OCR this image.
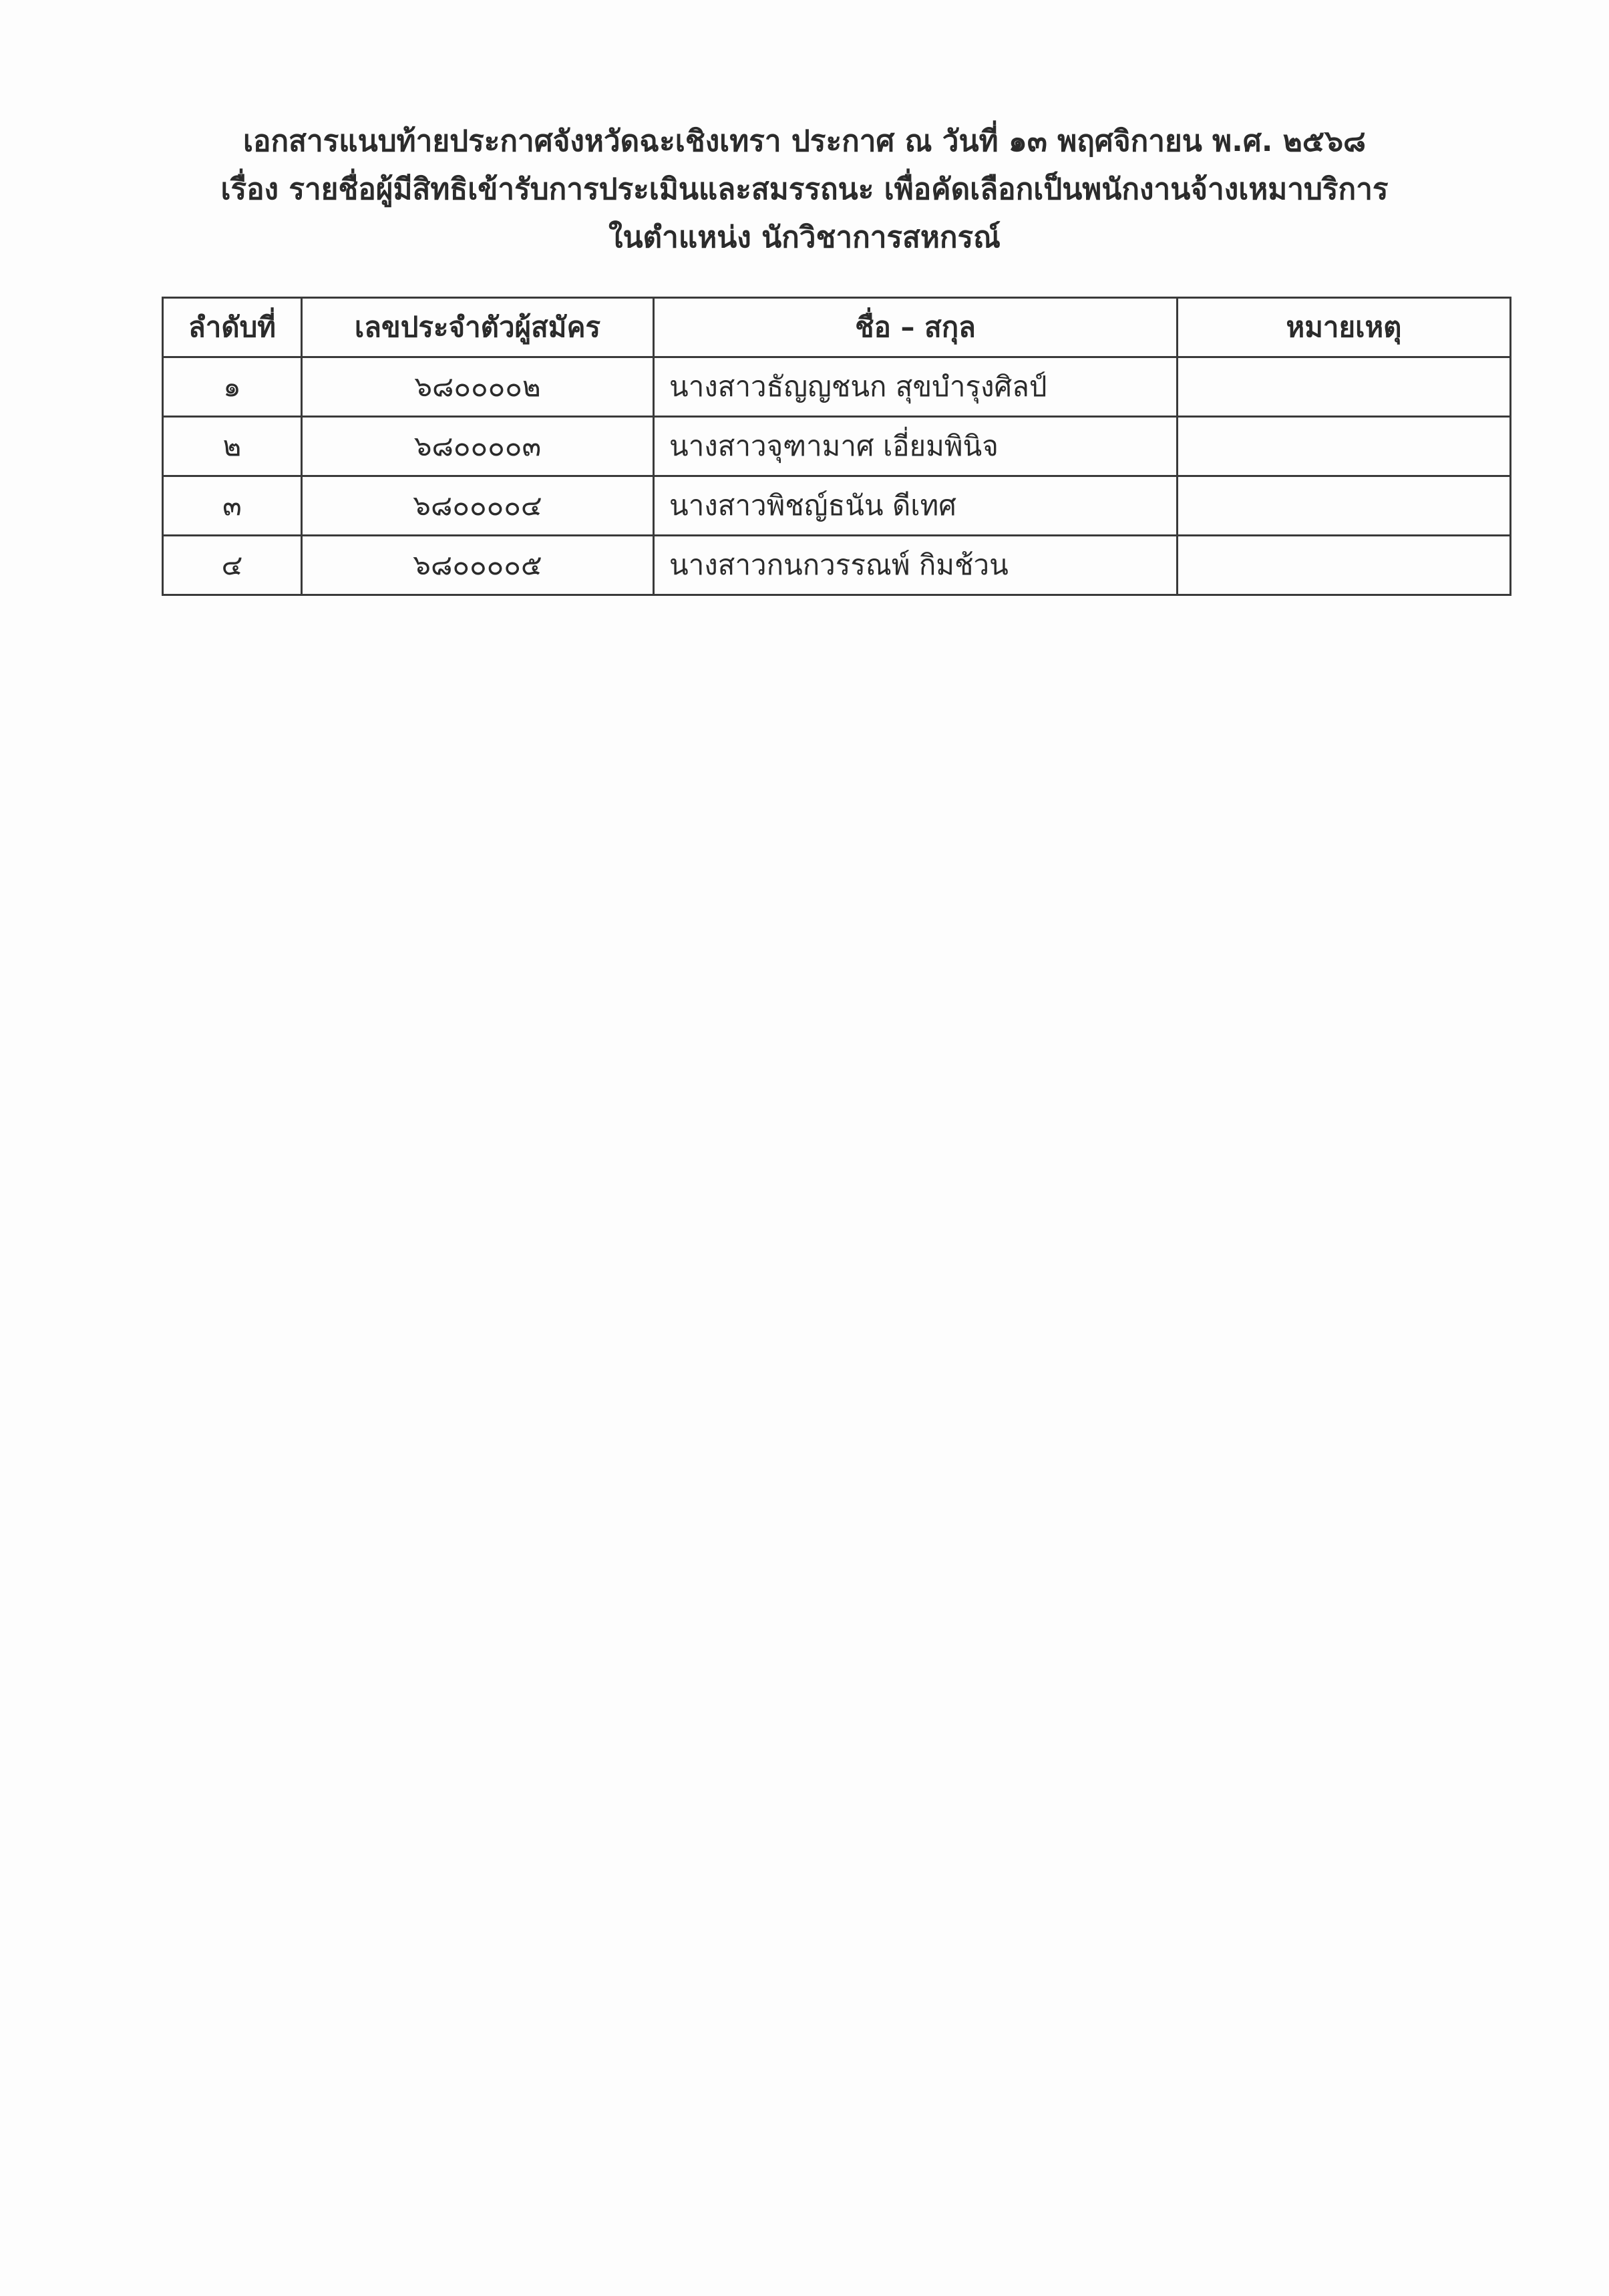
เอกสารแนบท้ายประกาศจังหวัดฉะเชิงเทรา ประกาศ ณ วันที่ ๑๓ พฤศจิกายน พ.ศ. ๒๕๖๘
เรื่อง รายชื่อผู้มีสิทธิเข้ารับการประเมินและสมรรถนะ เพื่อคัดเลือกเป็นพนักงานจ้างเหมาบริการ
ในตำแหน่ง นักวิชาการสหกรณ์
ลำดับที่	เลขประจำตัวผู้สมัคร	ชื่อ – สกุล	หมายเหตุ
๑	๖๘๐๐๐๐๒	นางสาวธัญญชนก สุขบำรุงศิลป์	
๒	๖๘๐๐๐๐๓	นางสาวจุฑามาศ เอี่ยมพินิจ	
๓	๖๘๐๐๐๐๔	นางสาวพิชญ์ธนัน ดีเทศ	
๔	๖๘๐๐๐๐๕	นางสาวกนกวรรณพ์ กิมช้วน	
